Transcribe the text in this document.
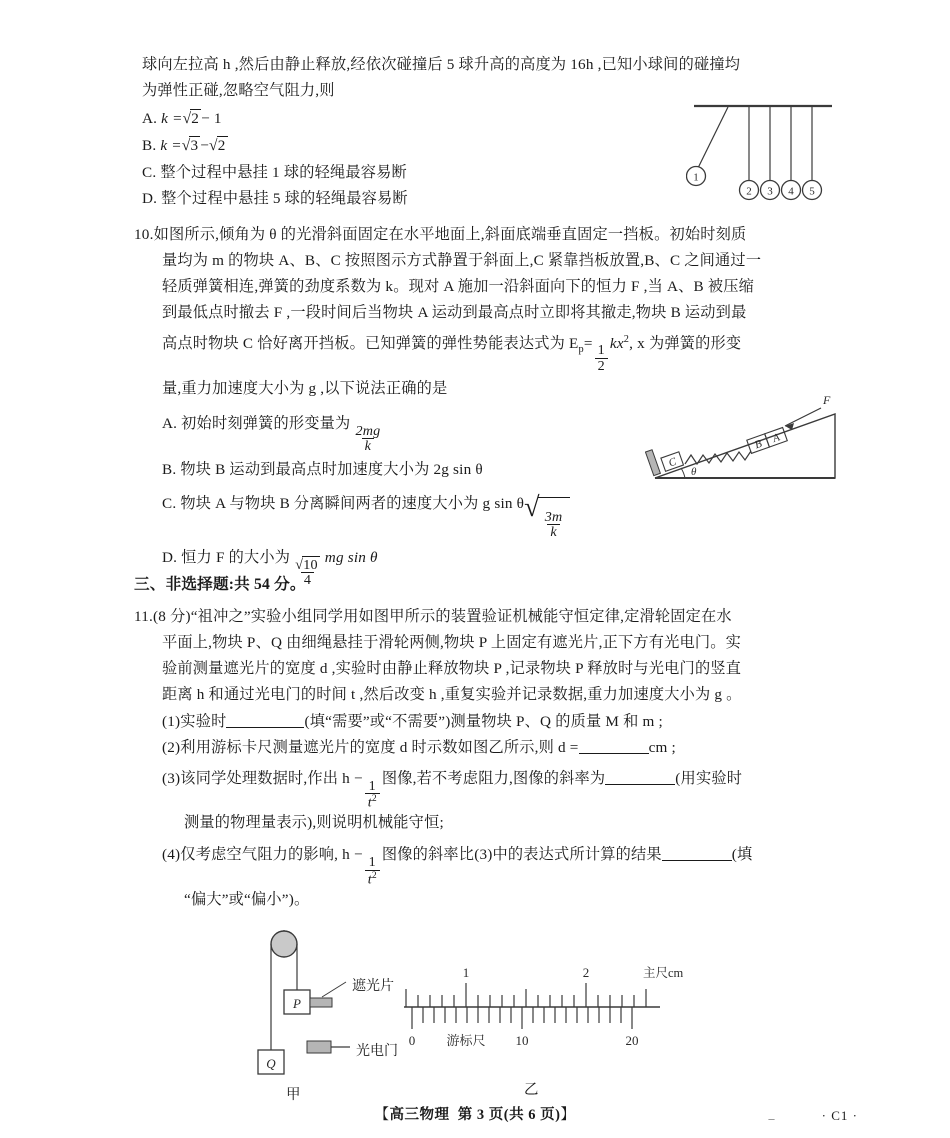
球向左拉高 h ,然后由静止释放,经依次碰撞后 5 球升高的高度为 16h ,已知小球间的碰撞均
为弹性正碰,忽略空气阻力,则
A. k =√2 − 1
B. k =√3 −√2
C. 整个过程中悬挂 1 球的轻绳最容易断
D. 整个过程中悬挂 5 球的轻绳最容易断
1
2 3 4 5
10.如图所示,倾角为 θ 的光滑斜面固定在水平地面上,斜面底端垂直固定一挡板。初始时刻质
量均为 m 的物块 A、B、C 按照图示方式静置于斜面上,C 紧靠挡板放置,B、C 之间通过一
轻质弹簧相连,弹簧的劲度系数为 k。现对 A 施加一沿斜面向下的恒力 F ,当 A、B 被压缩
到最低点时撤去 F ,一段时间后当物块 A 运动到最高点时立即将其撤走,物块 B 运动到最
高点时物块 C 恰好离开挡板。已知弹簧的弹性势能表达式为 $E_p=$
$\frac{1}{2}$
$kx^2$, x 为弹簧的形变
量,重力加速度大小为 g ,以下说法正确的是
A. 初始时刻弹簧的形变量为
$\frac{2mg}{k}$
B. 物块 B 运动到最高点时加速度大小为 2g sin θ
C. 物块 A 与物块 B 分离瞬间两者的速度大小为 g sin θ √
$\frac{3m}{k}$
D. 恒力 F 的大小为
$\frac{√10}{4}$
mg sin θ
C
B A
F
θ
三、非选择题:共 54 分。
11.(8 分)“祖冲之”实验小组同学用如图甲所示的装置验证机械能守恒定律,定滑轮固定在水
平面上,物块 P、Q 由细绳悬挂于滑轮两侧,物块 P 上固定有遮光片,正下方有光电门。实
验前测量遮光片的宽度 d ,实验时由静止释放物块 P ,记录物块 P 释放时与光电门的竖直
距离 h 和通过光电门的时间 t ,然后改变 h ,重复实验并记录数据,重力加速度大小为 g 。
(1)实验时	(填“需要”或“不需要”)测量物块 P、Q 的质量 M 和 m ;
(2)利用游标卡尺测量遮光片的宽度 d 时示数如图乙所示,则 d =	cm ;
(3)该同学处理数据时,作出 h −
$\frac{1}{t^2}$
图像,若不考虑阻力,图像的斜率为	(用实验时
测量的物理量表示),则说明机械能守恒;
(4)仅考虑空气阻力的影响, h −
$\frac{1}{t^2}$
图像的斜率比(3)中的表达式所计算的结果	(填
“偏大”或“偏小”)。
P
Q
遮光片
光电门
甲
1	2	主尺cm
0	10	20
游标尺
乙
【高三物理 第 3 页(共 6 页)】	_	· C1 ·
